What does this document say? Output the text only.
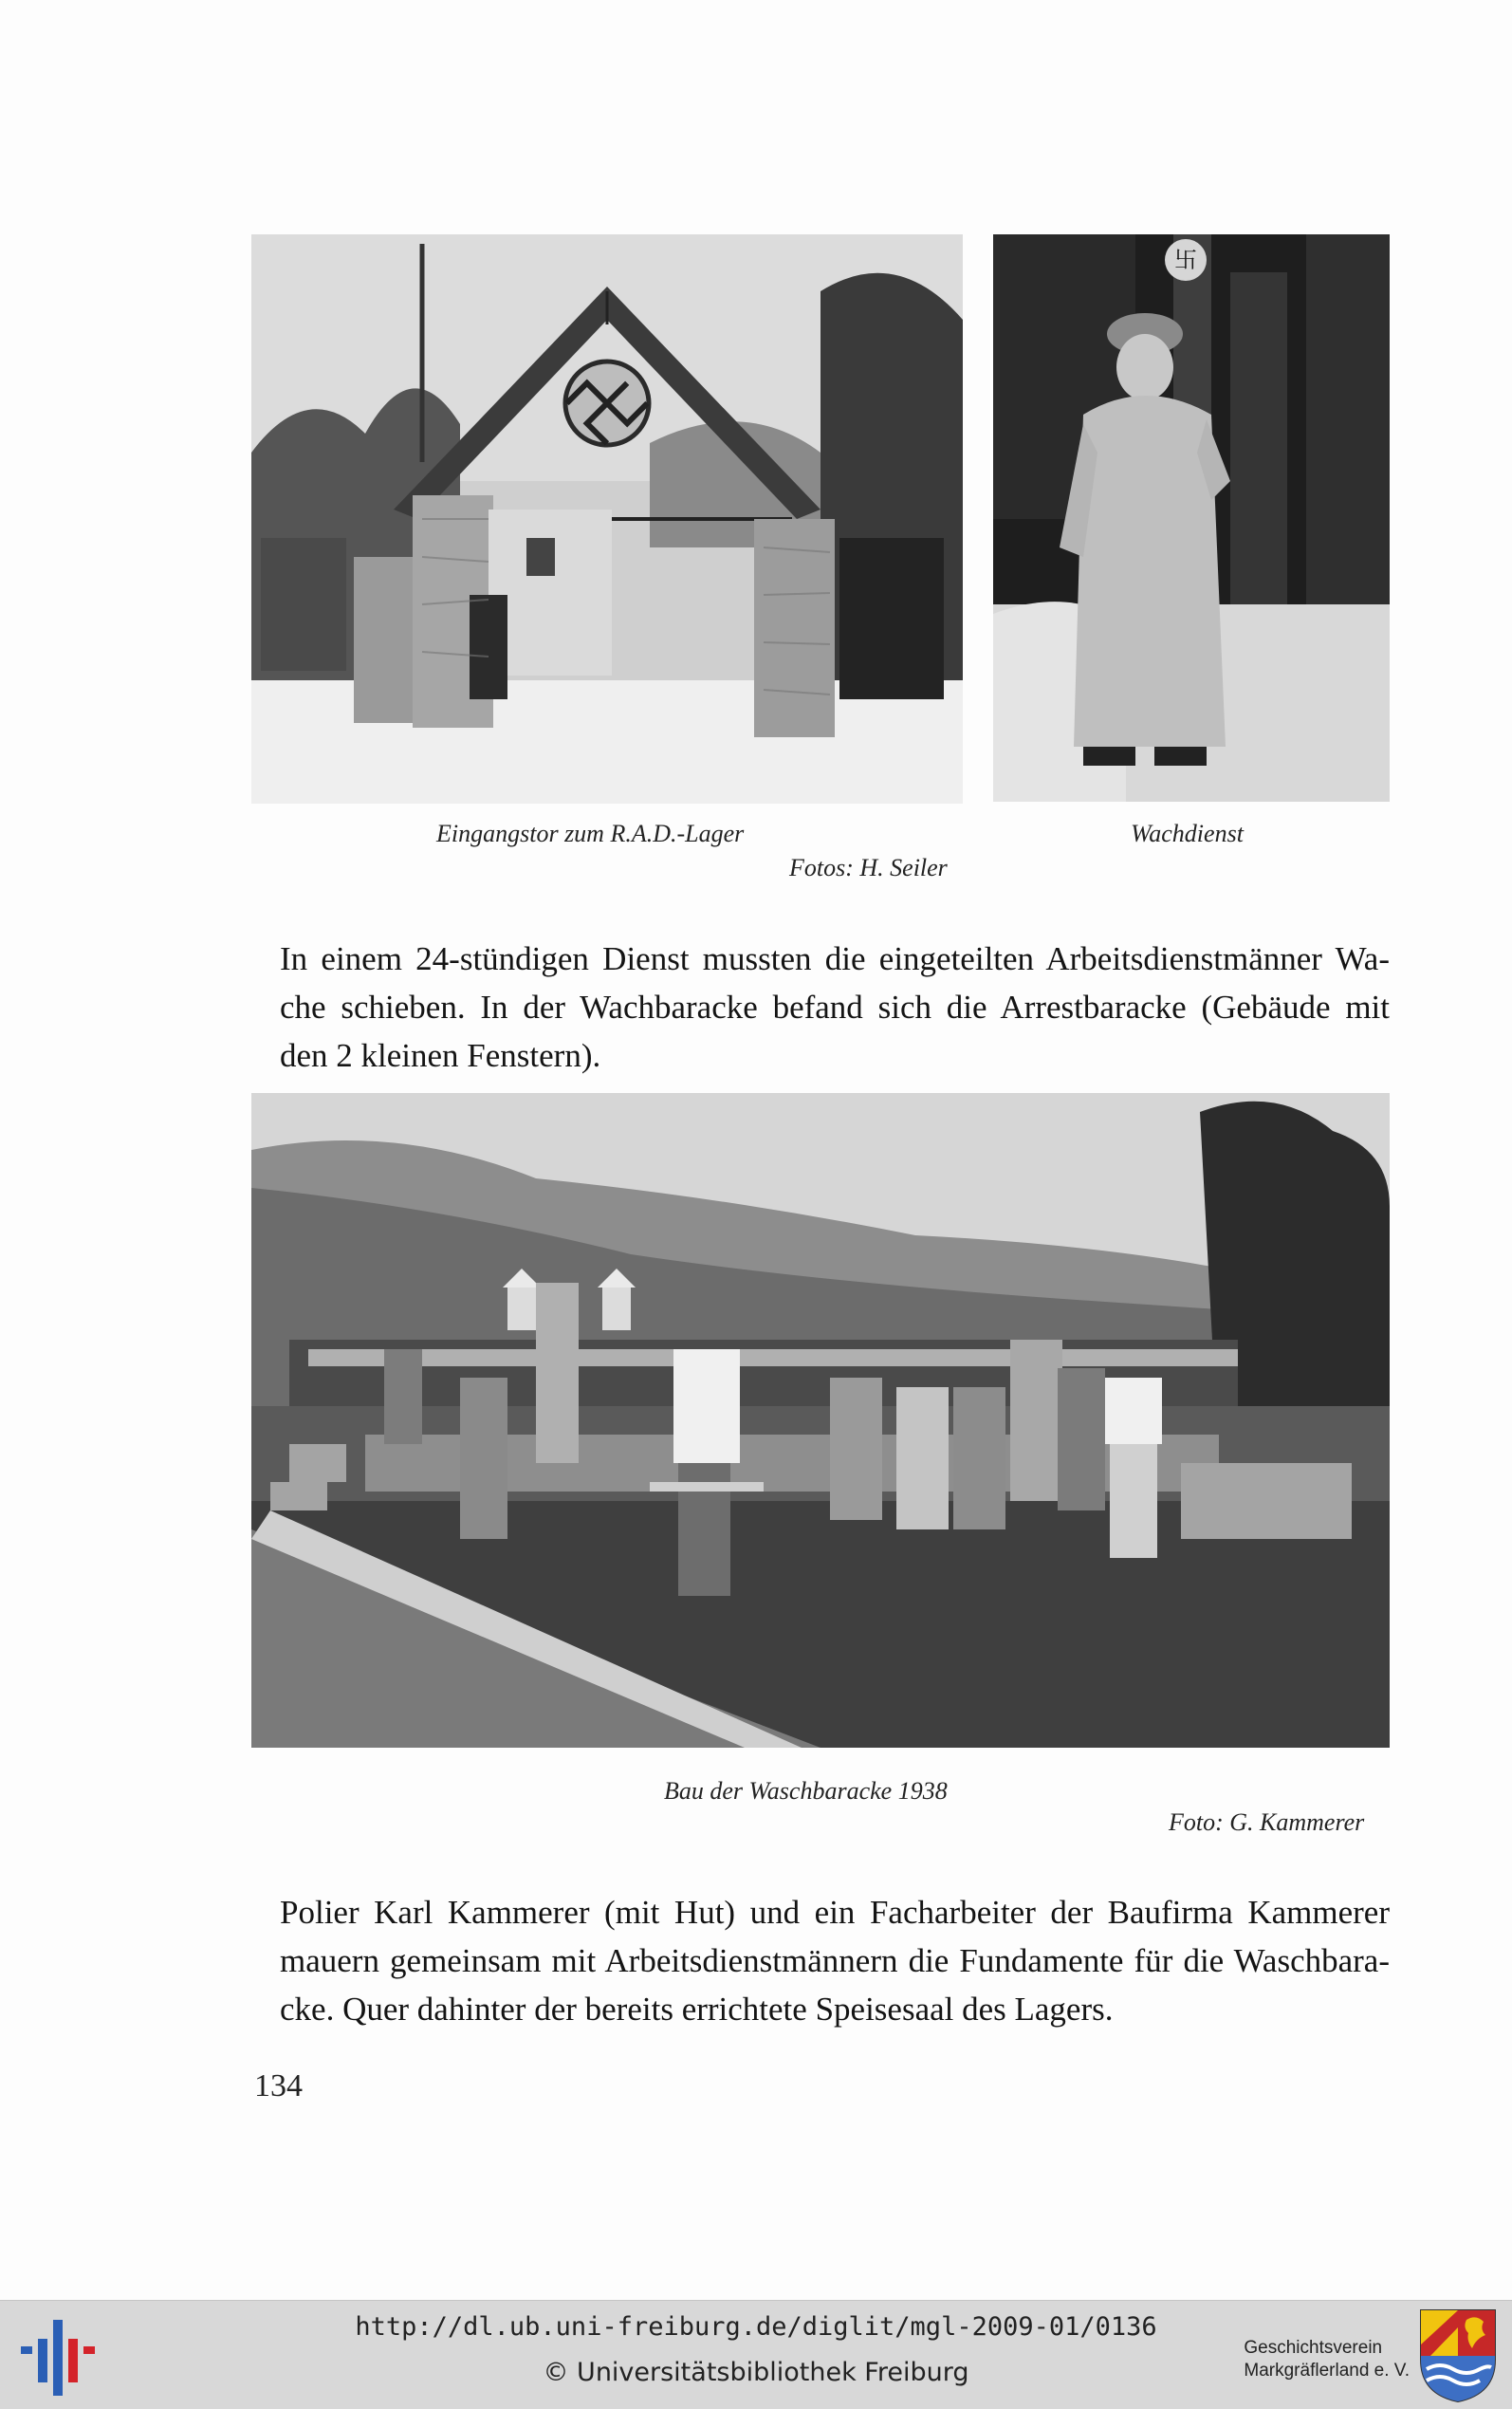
卐
Eingangstor zum R.A.D.-Lager	Wachdienst
Fotos: H. Seiler

In einem 24-stündigen Dienst mussten die eingeteilten Arbeitsdienstmänner Wa-
che schieben. In der Wachbaracke befand sich die Arrestbaracke (Gebäude mit
den 2 kleinen Fenstern).

Bau der Waschbaracke 1938
Foto: G. Kammerer

Polier Karl Kammerer (mit Hut) und ein Facharbeiter der Baufirma Kammerer
mauern gemeinsam mit Arbeitsdienstmännern die Fundamente für die Waschbara-
cke. Quer dahinter der bereits errichtete Speisesaal des Lagers.

134
http://dl.ub.uni-freiburg.de/diglit/mgl-2009-01/0136
© Universitätsbibliothek Freiburg
Geschichtsverein
Markgräflerland e. V.
